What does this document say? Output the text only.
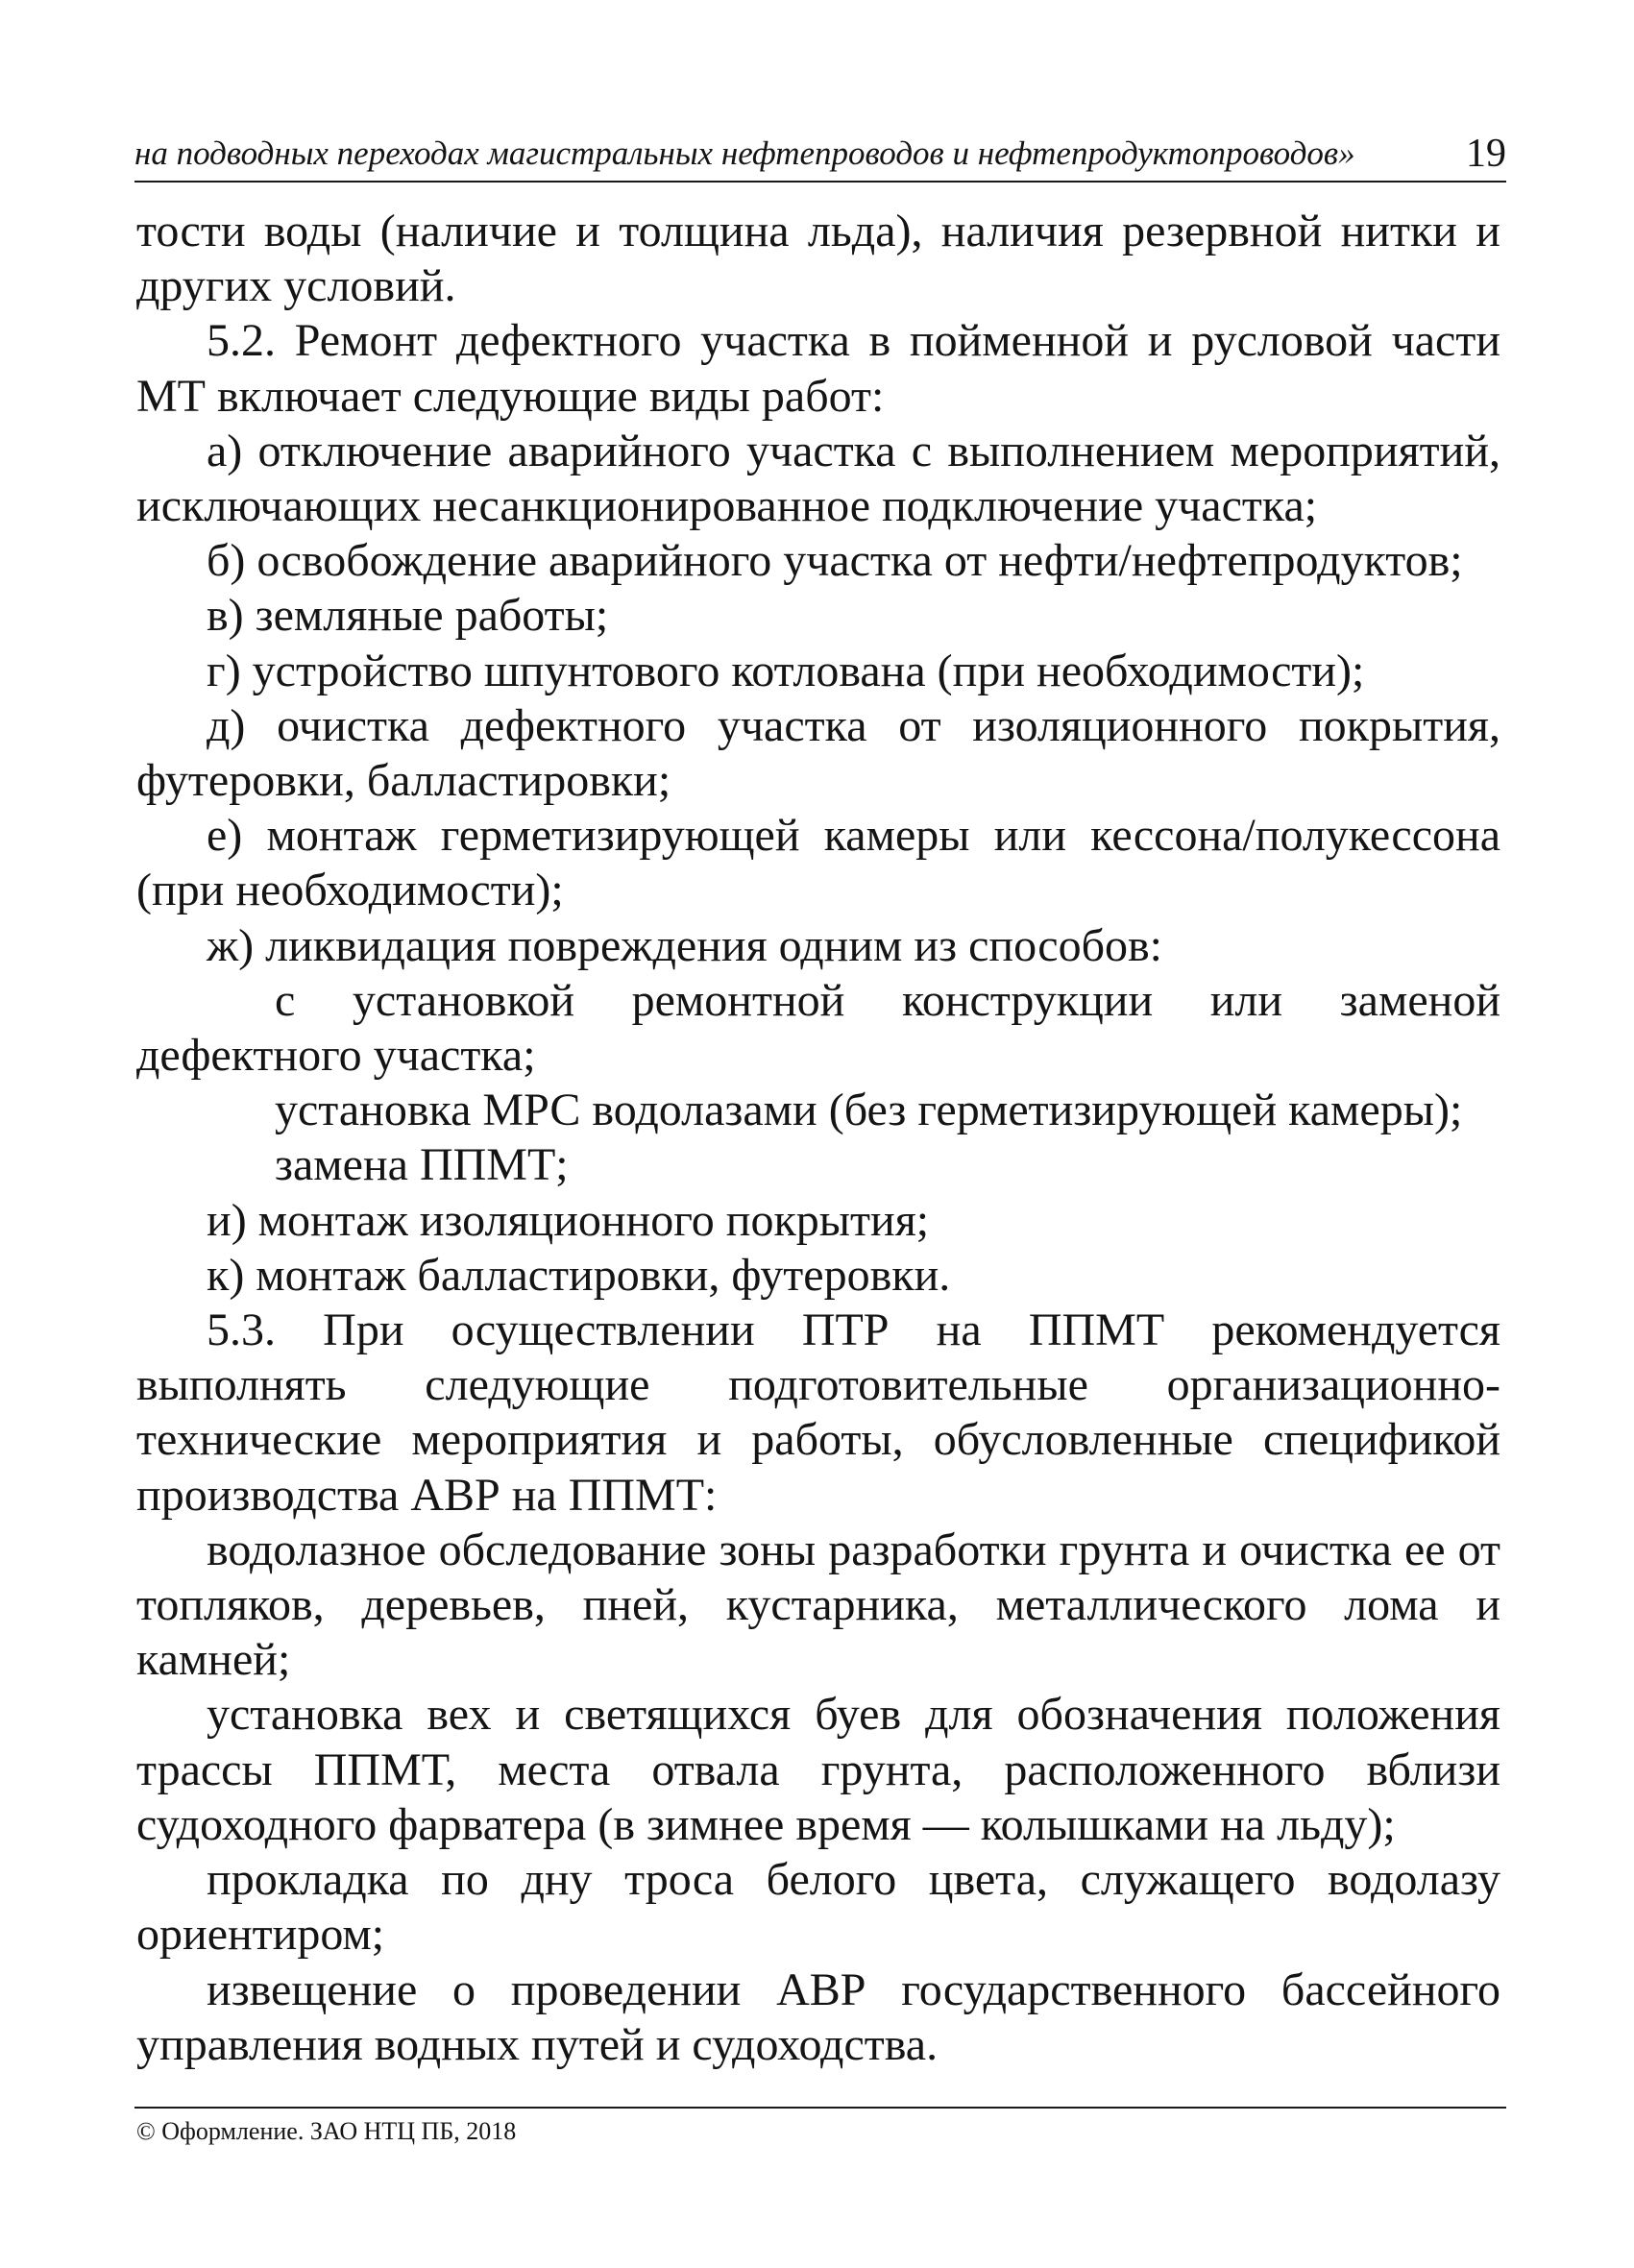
на подводных переходах магистральных нефтепроводов и нефтепродуктопроводов»	19

тости воды (наличие и толщина льда), наличия резервной нитки и других условий.

5.2. Ремонт дефектного участка в пойменной и русловой части МТ включает следующие виды работ:

а) отключение аварийного участка с выполнением мероприятий, исключающих несанкционированное подключение участка;

б) освобождение аварийного участка от нефти/нефтепродуктов;

в) земляные работы;

г) устройство шпунтового котлована (при необходимости);

д) очистка дефектного участка от изоляционного покрытия, футеровки, балластировки;

е) монтаж герметизирующей камеры или кессона/полукессона (при необходимости);

ж) ликвидация повреждения одним из способов:

с установкой ремонтной конструкции или заменой дефектного участка;

установка МРС водолазами (без герметизирующей камеры);

замена ППМТ;

и) монтаж изоляционного покрытия;

к) монтаж балластировки, футеровки.

5.3. При осуществлении ПТР на ППМТ рекомендуется выполнять следующие подготовительные организационно-технические мероприятия и работы, обусловленные спецификой производства АВР на ППМТ:

водолазное обследование зоны разработки грунта и очистка ее от топляков, деревьев, пней, кустарника, металлического лома и камней;

установка вех и светящихся буев для обозначения положения трассы ППМТ, места отвала грунта, расположенного вблизи судоходного фарватера (в зимнее время — колышками на льду);

прокладка по дну троса белого цвета, служащего водолазу ориентиром;

извещение о проведении АВР государственного бассейного управления водных путей и судоходства.

© Оформление. ЗАО НТЦ ПБ, 2018
